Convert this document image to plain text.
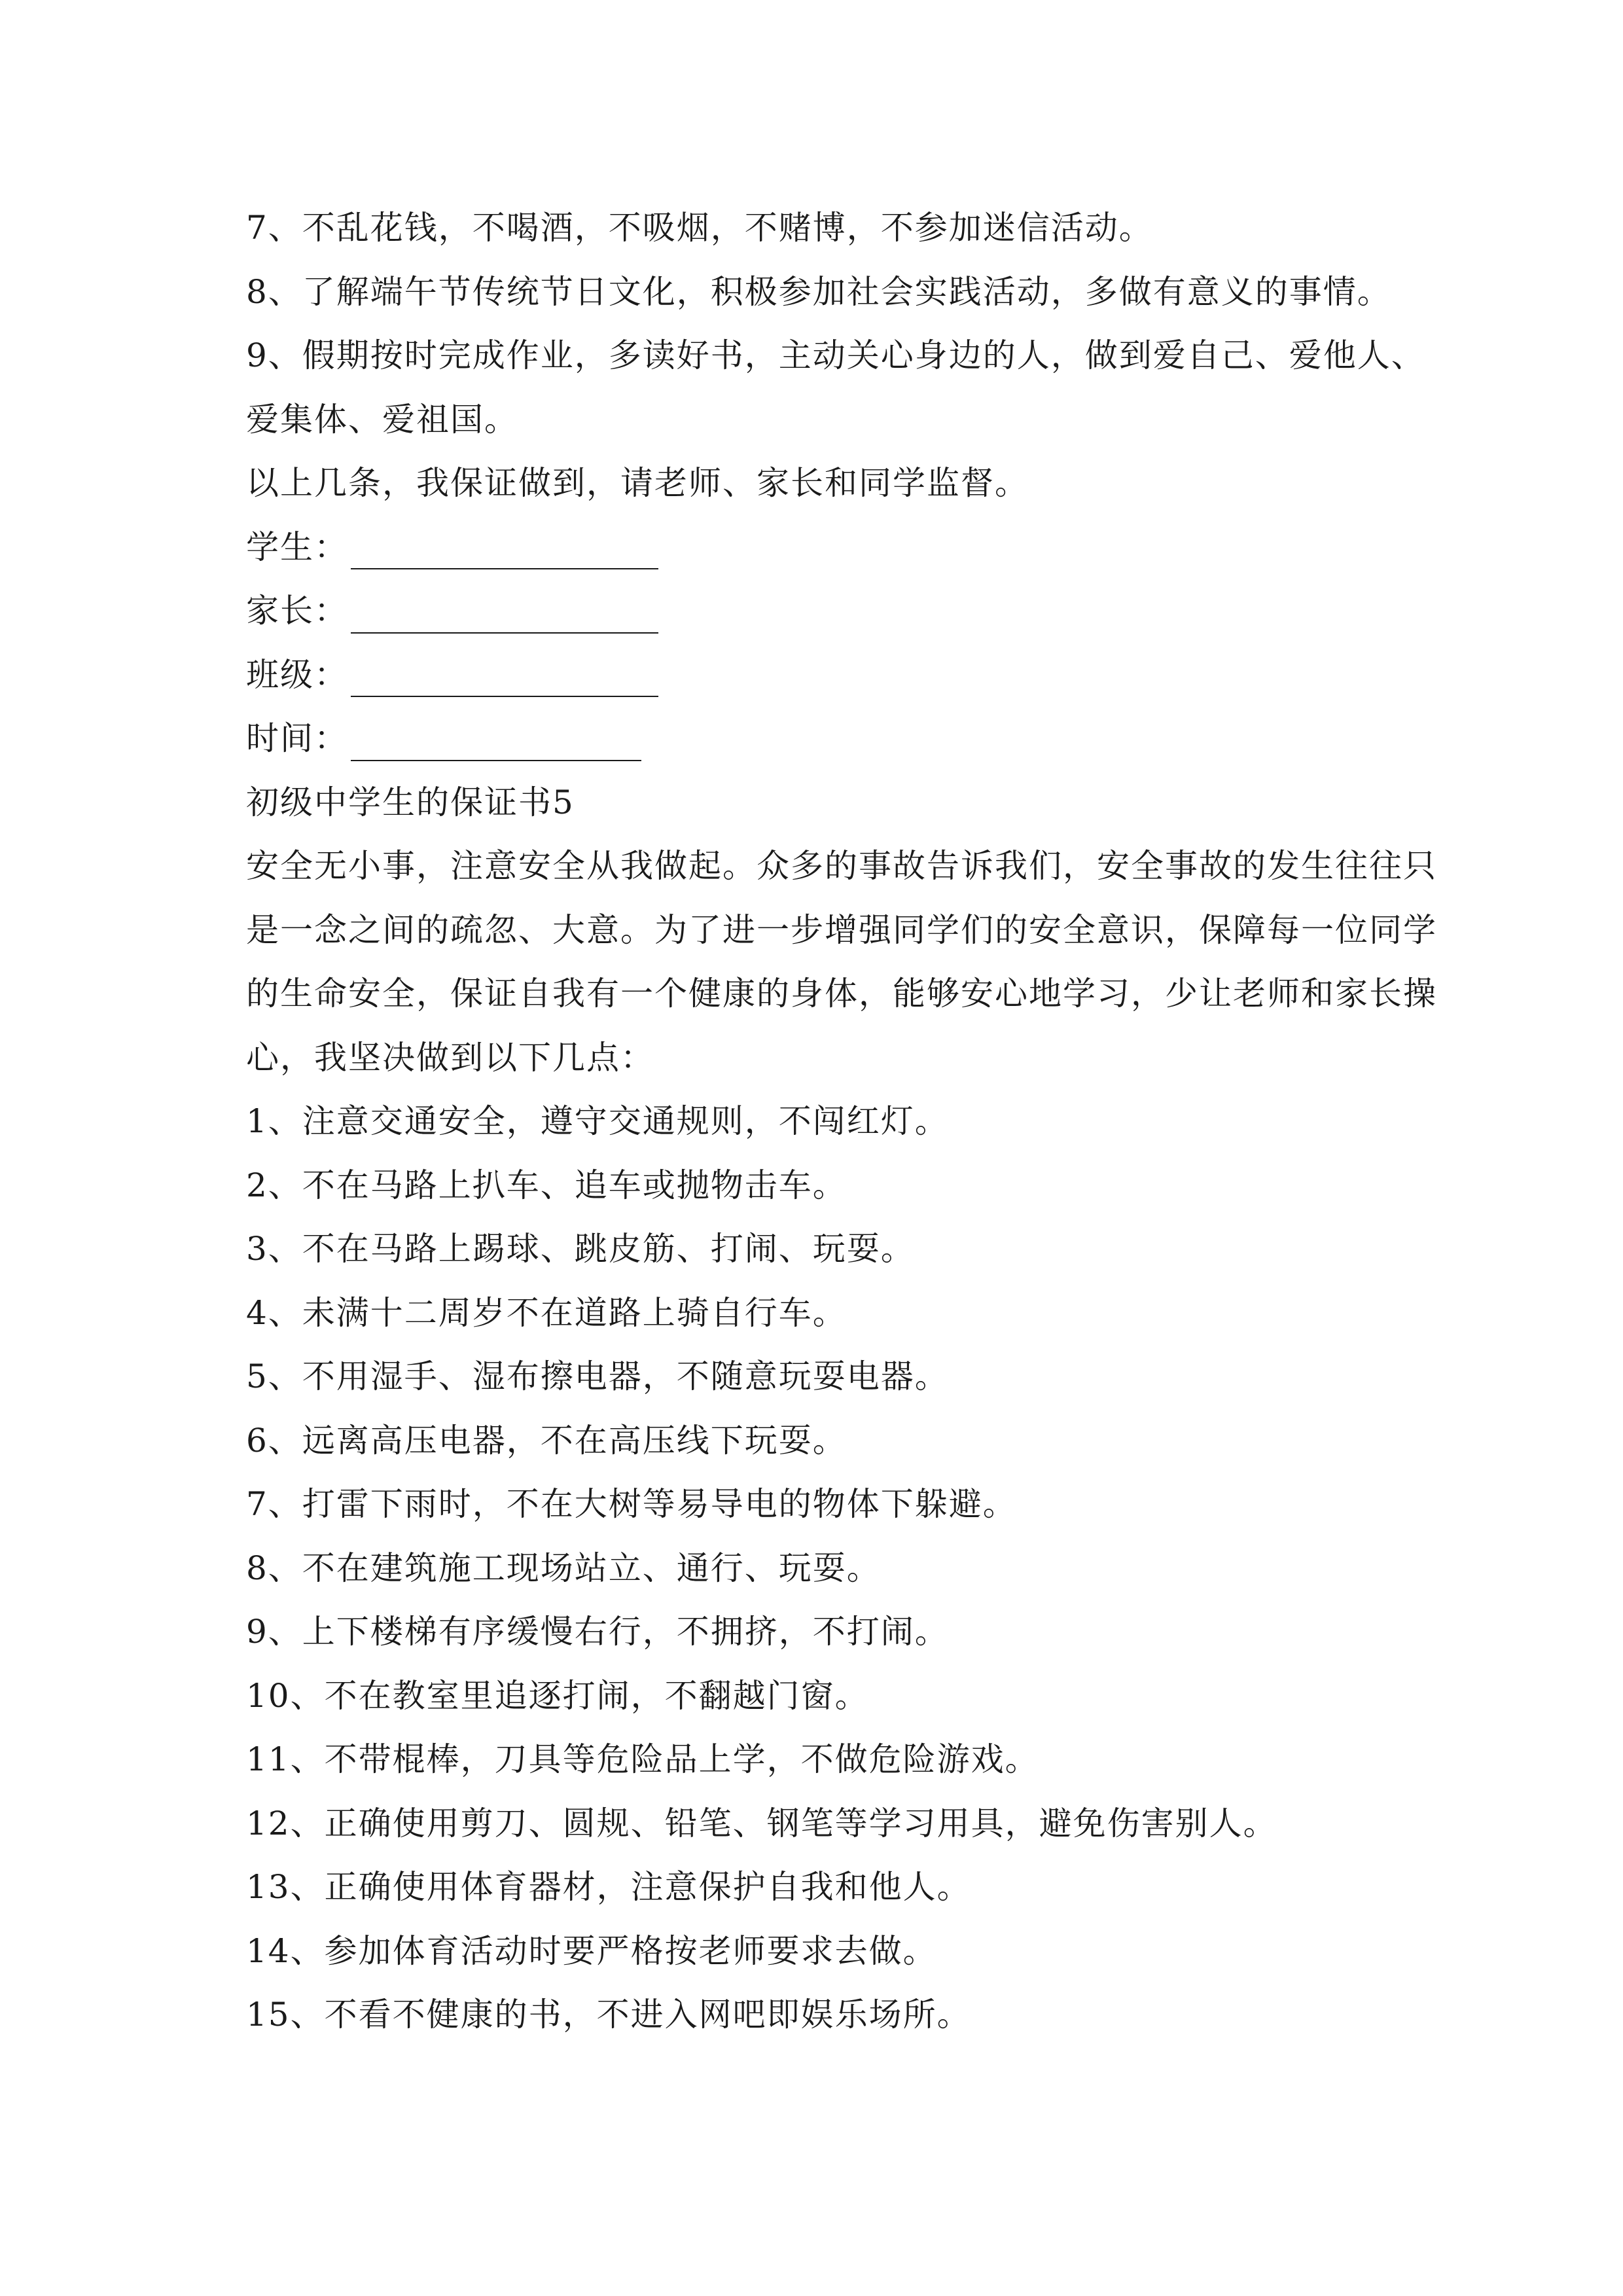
7、不乱花钱，不喝酒，不吸烟，不赌博，不参加迷信活动。
8、了解端午节传统节日文化，积极参加社会实践活动，多做有意义的事情。
9、假期按时完成作业，多读好书，主动关心身边的人，做到爱自己、爱他人、
爱集体、爱祖国。
以上几条，我保证做到，请老师、家长和同学监督。
学生：
家长：
班级：
时间：
初级中学生的保证书5
安全无小事，注意安全从我做起。众多的事故告诉我们，安全事故的发生往往只
是一念之间的疏忽、大意。为了进一步增强同学们的安全意识，保障每一位同学
的生命安全，保证自我有一个健康的身体，能够安心地学习，少让老师和家长操
心，我坚决做到以下几点：
1、注意交通安全，遵守交通规则，不闯红灯。
2、不在马路上扒车、追车或抛物击车。
3、不在马路上踢球、跳皮筋、打闹、玩耍。
4、未满十二周岁不在道路上骑自行车。
5、不用湿手、湿布擦电器，不随意玩耍电器。
6、远离高压电器，不在高压线下玩耍。
7、打雷下雨时，不在大树等易导电的物体下躲避。
8、不在建筑施工现场站立、通行、玩耍。
9、上下楼梯有序缓慢右行，不拥挤，不打闹。
10、不在教室里追逐打闹，不翻越门窗。
11、不带棍棒，刀具等危险品上学，不做危险游戏。
12、正确使用剪刀、圆规、铅笔、钢笔等学习用具，避免伤害别人。
13、正确使用体育器材，注意保护自我和他人。
14、参加体育活动时要严格按老师要求去做。
15、不看不健康的书，不进入网吧即娱乐场所。
